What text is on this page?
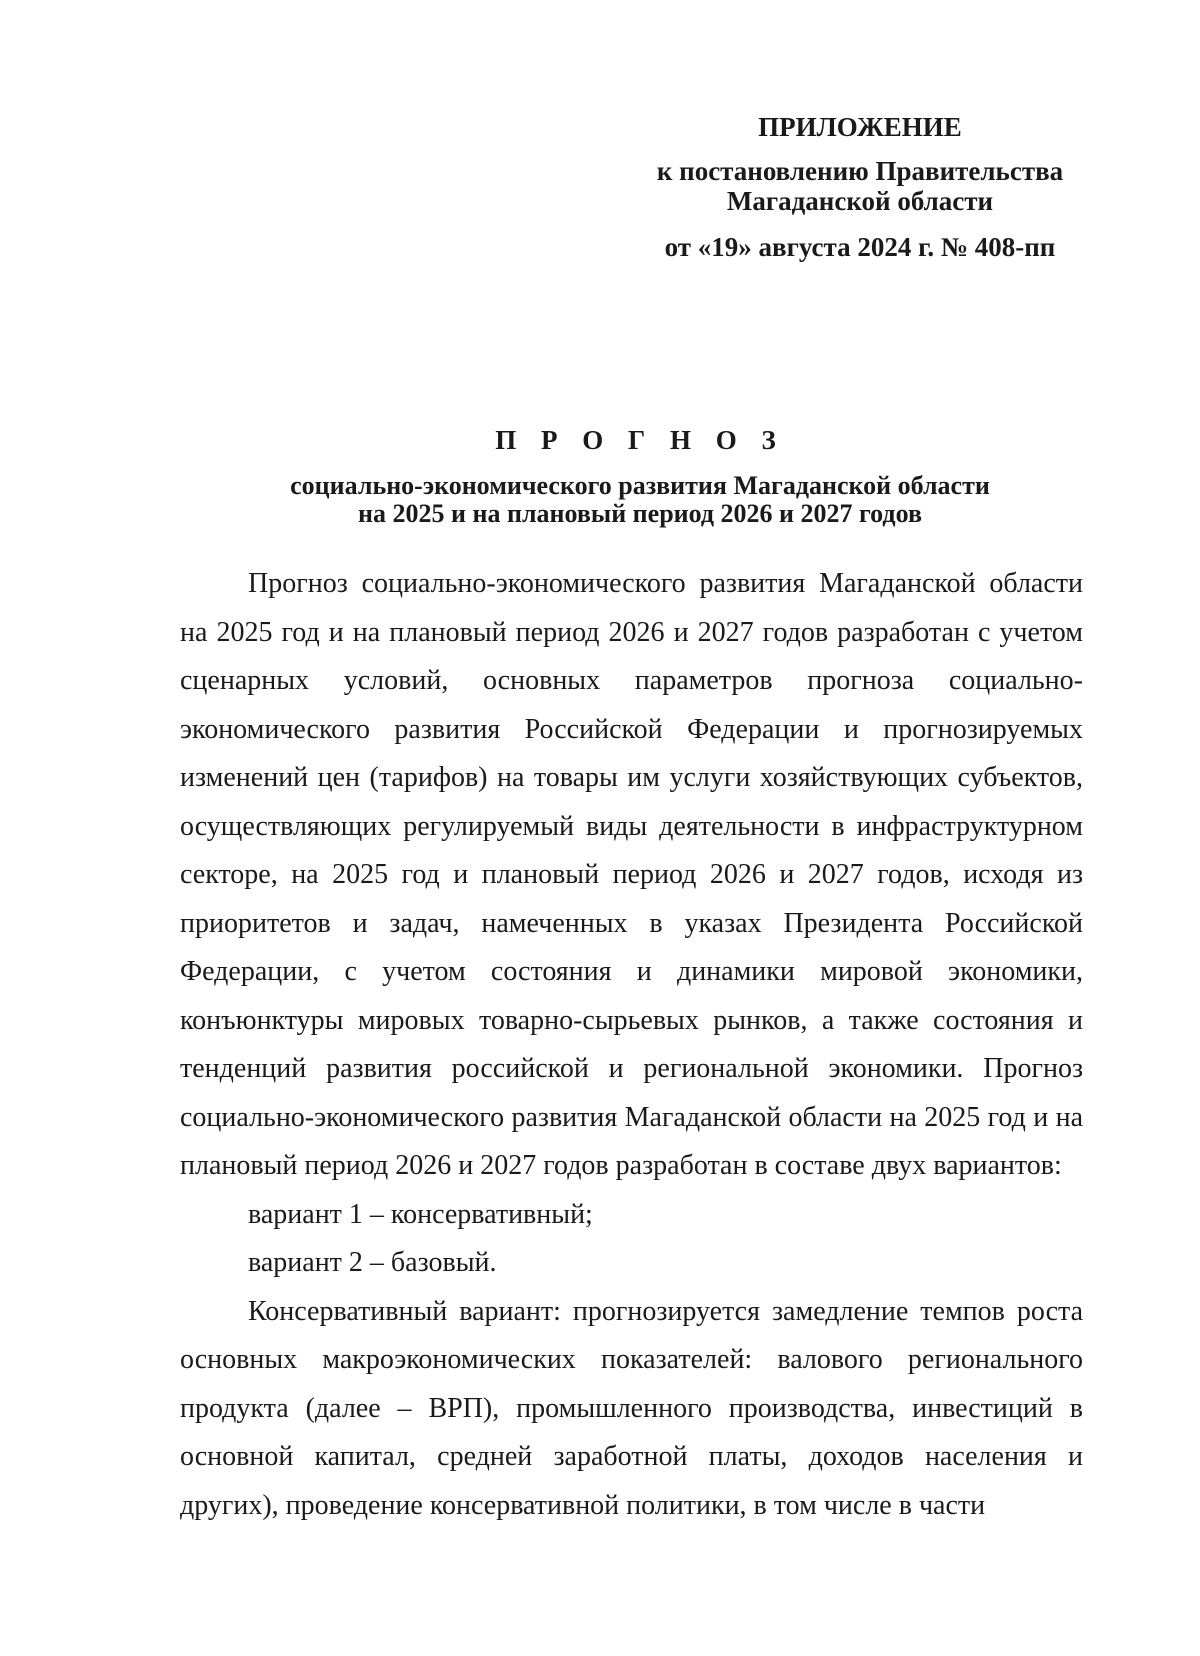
ПРИЛОЖЕНИЕ
к постановлению Правительства
Магаданской области
от «19» августа 2024 г. № 408-пп
П Р О Г Н О З
социально-экономического развития Магаданской области
на 2025 и на плановый период 2026 и 2027 годов

Прогноз социально-экономического развития Магаданской области на 2025 год и на плановый период 2026 и 2027 годов разработан с учетом сценарных условий, основных параметров прогноза социально-экономического развития Российской Федерации и прогнозируемых изменений цен (тарифов) на товары им услуги хозяйствующих субъектов, осуществляющих регулируемый виды деятельности в инфраструктурном секторе, на 2025 год и плановый период 2026 и 2027 годов, исходя из приоритетов и задач, намеченных в указах Президента Российской Федерации, с учетом состояния и динамики мировой экономики, конъюнктуры мировых товарно-сырьевых рынков, а также состояния и тенденций развития российской и региональной экономики. Прогноз социально-экономического развития Магаданской области на 2025 год и на плановый период 2026 и 2027 годов разработан в составе двух вариантов:

вариант 1 – консервативный;

вариант 2 – базовый.

Консервативный вариант: прогнозируется замедление темпов роста основных макроэкономических показателей: валового регионального продукта (далее – ВРП), промышленного производства, инвестиций в основной капитал, средней заработной платы, доходов населения и других), проведение консервативной политики, в том числе в части
